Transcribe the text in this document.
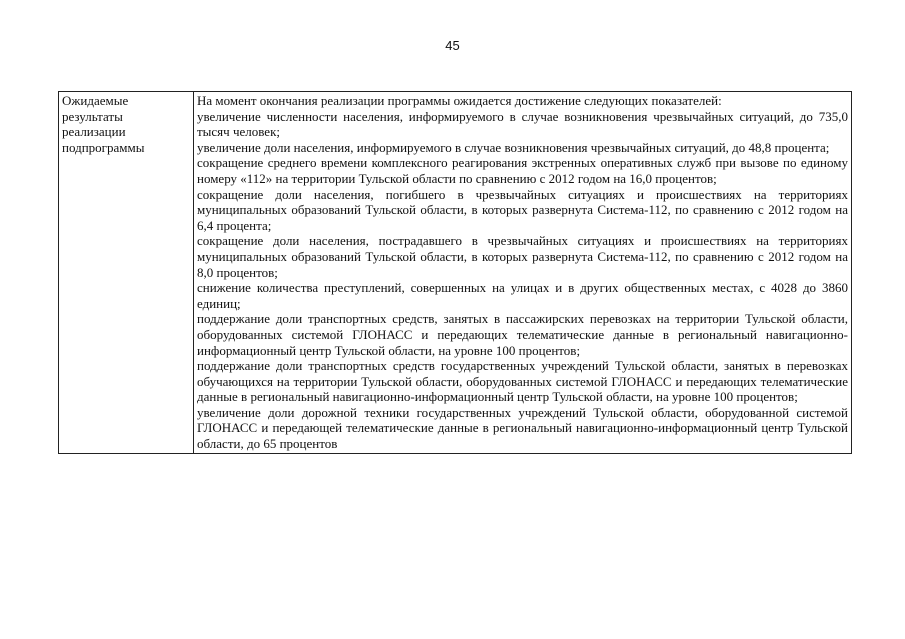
45
Ожидаемые
результаты
реализации
подпрограммы

На момент окончания реализации программы ожидается достижение следующих показателей:

увеличение численности населения, информируемого в случае возникновения чрезвычайных ситуаций, до 735,0 тысяч человек;

увеличение доли населения, информируемого в случае возникновения чрезвычайных ситуаций, до 48,8 процента;

сокращение среднего времени комплексного реагирования экстренных оперативных служб при вызове по единому номеру «112» на территории Тульской области по сравнению с 2012 годом на 16,0 процентов;

сокращение доли населения, погибшего в чрезвычайных ситуациях и происшествиях на территориях муниципальных образований Тульской области, в которых развернута Система-112, по сравнению с 2012 годом на 6,4 процента;

сокращение доли населения, пострадавшего в чрезвычайных ситуациях и происшествиях на территориях муниципальных образований Тульской области, в которых развернута Система-112, по сравнению с 2012 годом на 8,0 процентов;

снижение количества преступлений, совершенных на улицах и в других общественных местах, с 4028 до 3860 единиц;

поддержание доли транспортных средств, занятых в пассажирских перевозках на территории Тульской области, оборудованных системой ГЛОНАСС и передающих телематические данные в региональный навигационно-информационный центр Тульской области, на уровне 100 процентов;

поддержание доли транспортных средств государственных учреждений Тульской области, занятых в перевозках обучающихся на территории Тульской области, оборудованных системой ГЛОНАСС и передающих телематические данные в региональный навигационно-информационный центр Тульской области, на уровне 100 процентов;

увеличение доли дорожной техники государственных учреждений Тульской области, оборудованной системой ГЛОНАСС и передающей телематические данные в региональный навигационно-информационный центр Тульской области, до 65 процентов
